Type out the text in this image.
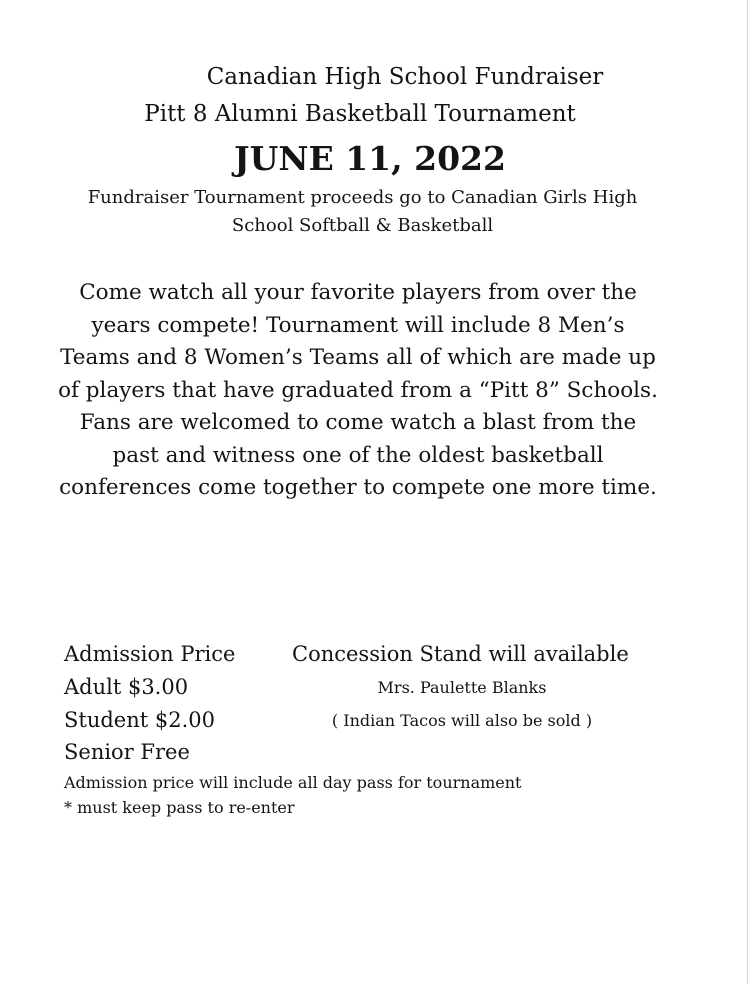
Canadian High School Fundraiser
Pitt 8 Alumni Basketball Tournament
JUNE 11, 2022
Fundraiser Tournament proceeds go to Canadian Girls High School Softball & Basketball
Come watch all your favorite players from over the years compete! Tournament will include 8 Men’s Teams and 8 Women’s Teams all of which are made up of players that have graduated from a “Pitt 8” Schools. Fans are welcomed to come watch a blast from the past and witness one of the oldest basketball conferences come together to compete one more time.
Admission Price
Adult $3.00
Student $2.00
Senior Free
Admission price will include all day pass for tournament
* must keep pass to re-enter
Concession Stand will available
Mrs. Paulette Blanks
( Indian Tacos will also be sold )
